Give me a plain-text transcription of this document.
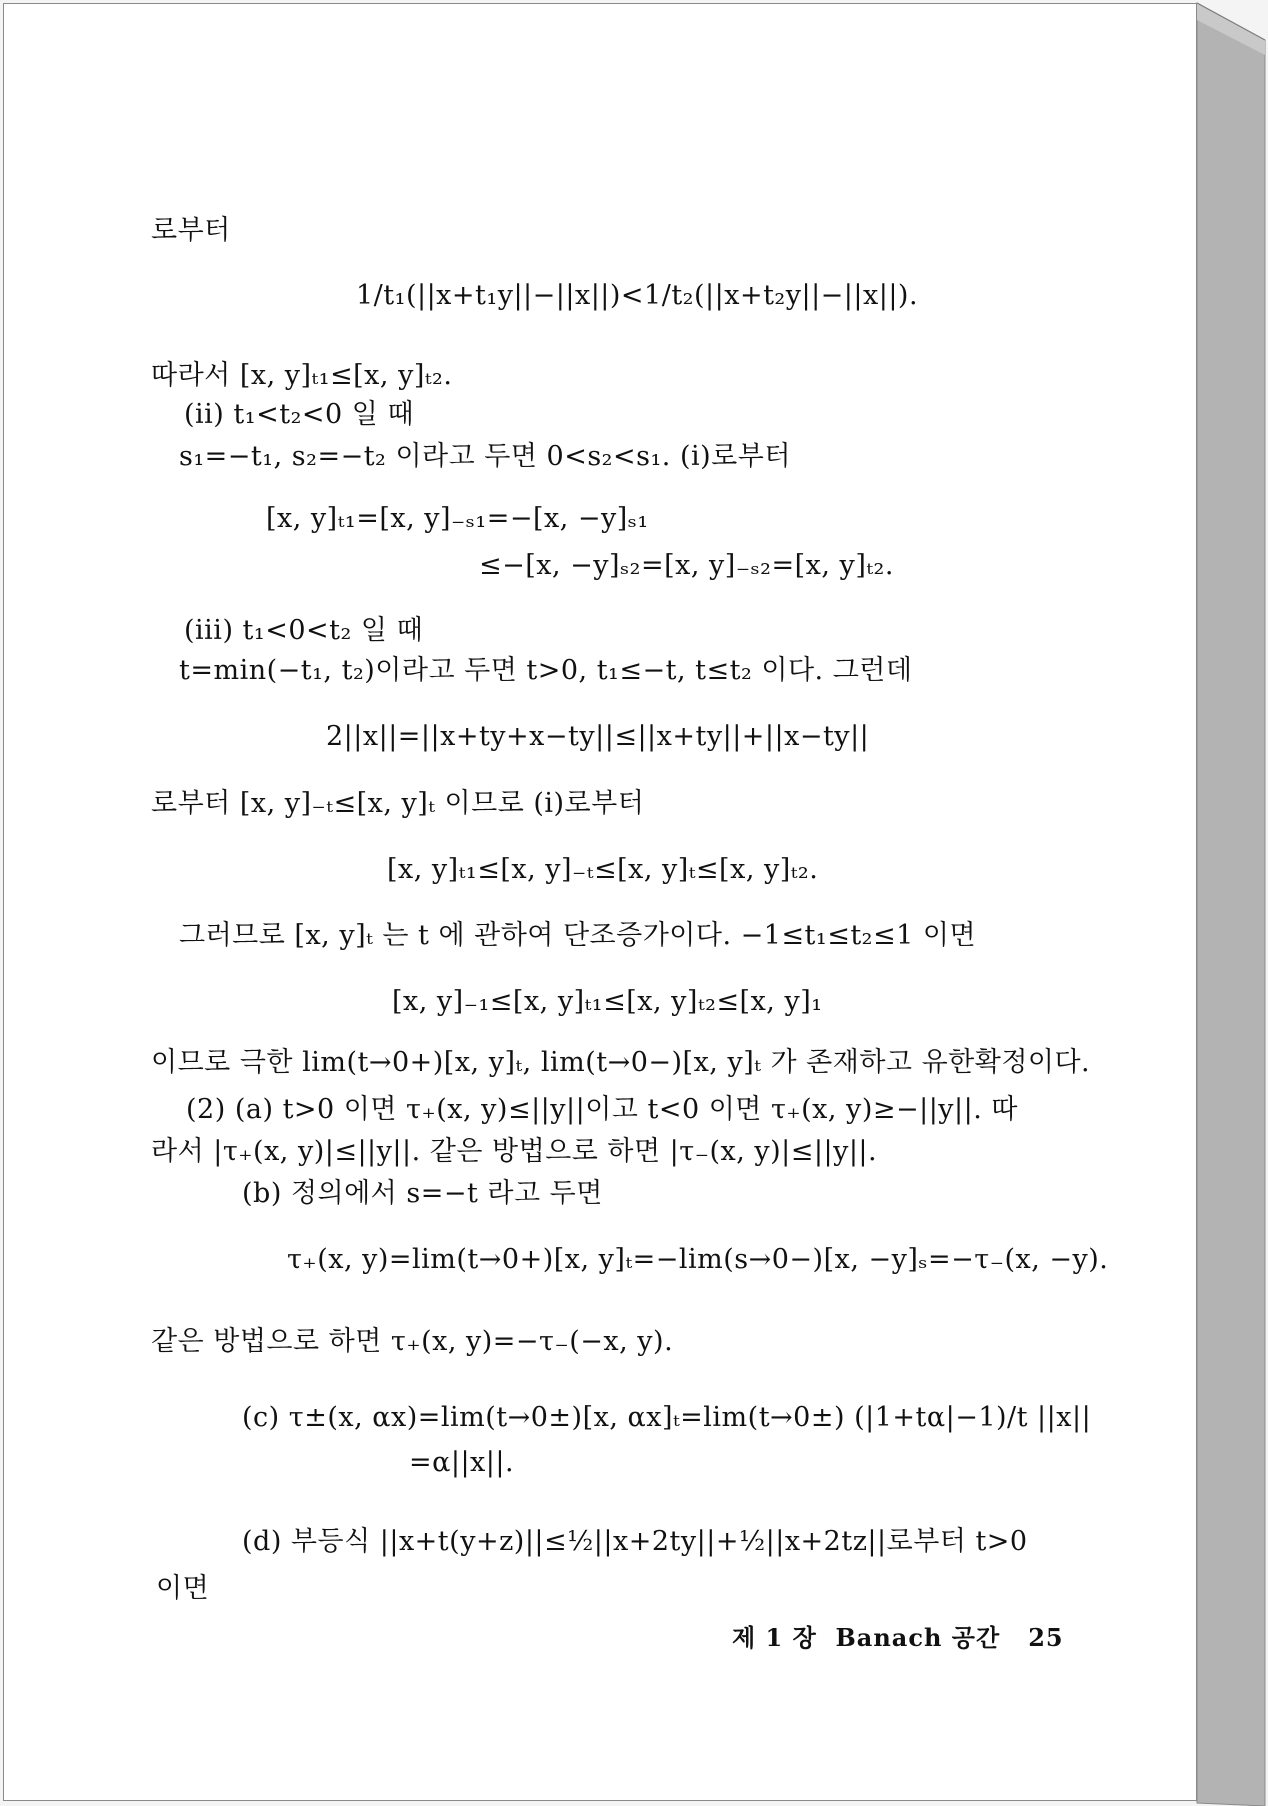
로부터
1/t₁(||x+t₁y||−||x||)<1/t₂(||x+t₂y||−||x||).
따라서 [x, y]ₜ₁≤[x, y]ₜ₂.
(ii) t₁<t₂<0 일 때
s₁=−t₁, s₂=−t₂ 이라고 두면 0<s₂<s₁. (i)로부터
[x, y]ₜ₁=[x, y]₋ₛ₁=−[x, −y]ₛ₁
≤−[x, −y]ₛ₂=[x, y]₋ₛ₂=[x, y]ₜ₂.
(iii) t₁<0<t₂ 일 때
t=min(−t₁, t₂)이라고 두면 t>0, t₁≤−t, t≤t₂ 이다. 그런데
2||x||=||x+ty+x−ty||≤||x+ty||+||x−ty||
로부터 [x, y]₋ₜ≤[x, y]ₜ 이므로 (i)로부터
[x, y]ₜ₁≤[x, y]₋ₜ≤[x, y]ₜ≤[x, y]ₜ₂.
그러므로 [x, y]ₜ 는 t 에 관하여 단조증가이다. −1≤t₁≤t₂≤1 이면
[x, y]₋₁≤[x, y]ₜ₁≤[x, y]ₜ₂≤[x, y]₁
이므로 극한 lim(t→0+)[x, y]ₜ, lim(t→0−)[x, y]ₜ 가 존재하고 유한확정이다.
(2) (a) t>0 이면 τ₊(x, y)≤||y||이고 t<0 이면 τ₊(x, y)≥−||y||. 따
라서 |τ₊(x, y)|≤||y||. 같은 방법으로 하면 |τ₋(x, y)|≤||y||.
(b) 정의에서 s=−t 라고 두면
τ₊(x, y)=lim(t→0+)[x, y]ₜ=−lim(s→0−)[x, −y]ₛ=−τ₋(x, −y).
같은 방법으로 하면 τ₊(x, y)=−τ₋(−x, y).
(c) τ±(x, αx)=lim(t→0±)[x, αx]ₜ=lim(t→0±) (|1+tα|−1)/t ||x||
=α||x||.
(d) 부등식 ||x+t(y+z)||≤½||x+2ty||+½||x+2tz||로부터 t>0
이면
제 1 장 Banach 공간 25
